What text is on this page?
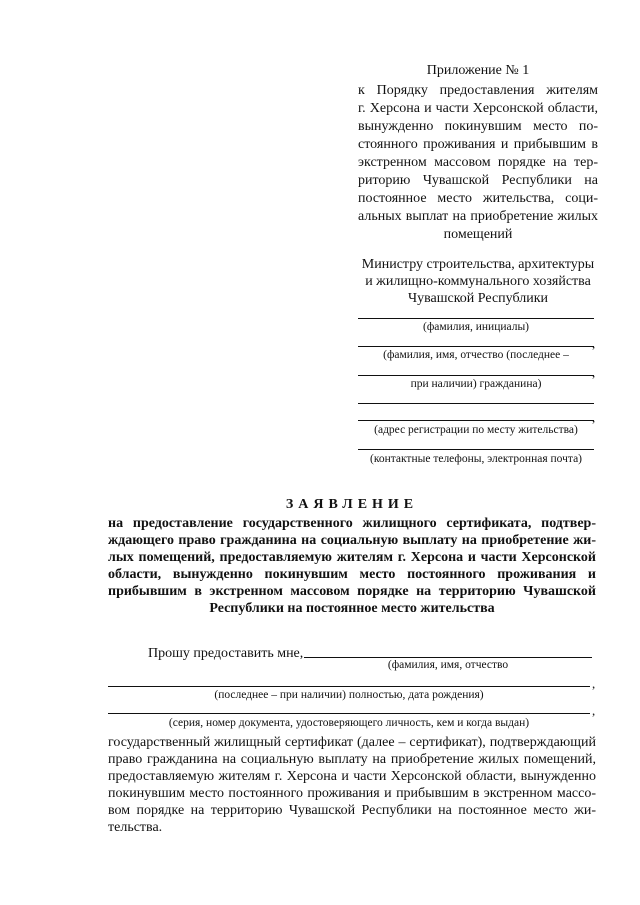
Приложение № 1
к Порядку предоставления жителям
г. Херсона и части Херсонской области,
вынужденно покинувшим место по-
стоянного проживания и прибывшим в
экстренном массовом порядке на тер-
риторию Чувашской Республики на
постоянное место жительства, соци-
альных выплат на приобретение жилых
помещений
Министру строительства, архитектуры
и жилищно-коммунального хозяйства
Чувашской Республики
(фамилия, инициалы)
,
(фамилия, имя, отчество (последнее –
,
при наличии) гражданина)
,
(адрес регистрации по месту жительства)
(контактные телефоны, электронная почта)
ЗАЯВЛЕНИЕ
на предоставление государственного жилищного сертификата, подтвер-
ждающего право гражданина на социальную выплату на приобретение жи-
лых помещений, предоставляемую жителям г. Херсона и части Херсонской
области, вынужденно покинувшим место постоянного проживания и
прибывшим в экстренном массовом порядке на территорию Чувашской
Республики на постоянное место жительства
Прошу предоставить мне,
(фамилия, имя, отчество
,
(последнее – при наличии) полностью, дата рождения)
,
(серия, номер документа, удостоверяющего личность, кем и когда выдан)
государственный жилищный сертификат (далее – сертификат), подтверждающий
право гражданина на социальную выплату на приобретение жилых помещений,
предоставляемую жителям г. Херсона и части Херсонской области, вынужденно
покинувшим место постоянного проживания и прибывшим в экстренном массо-
вом порядке на территорию Чувашской Республики на постоянное место жи-
тельства.
